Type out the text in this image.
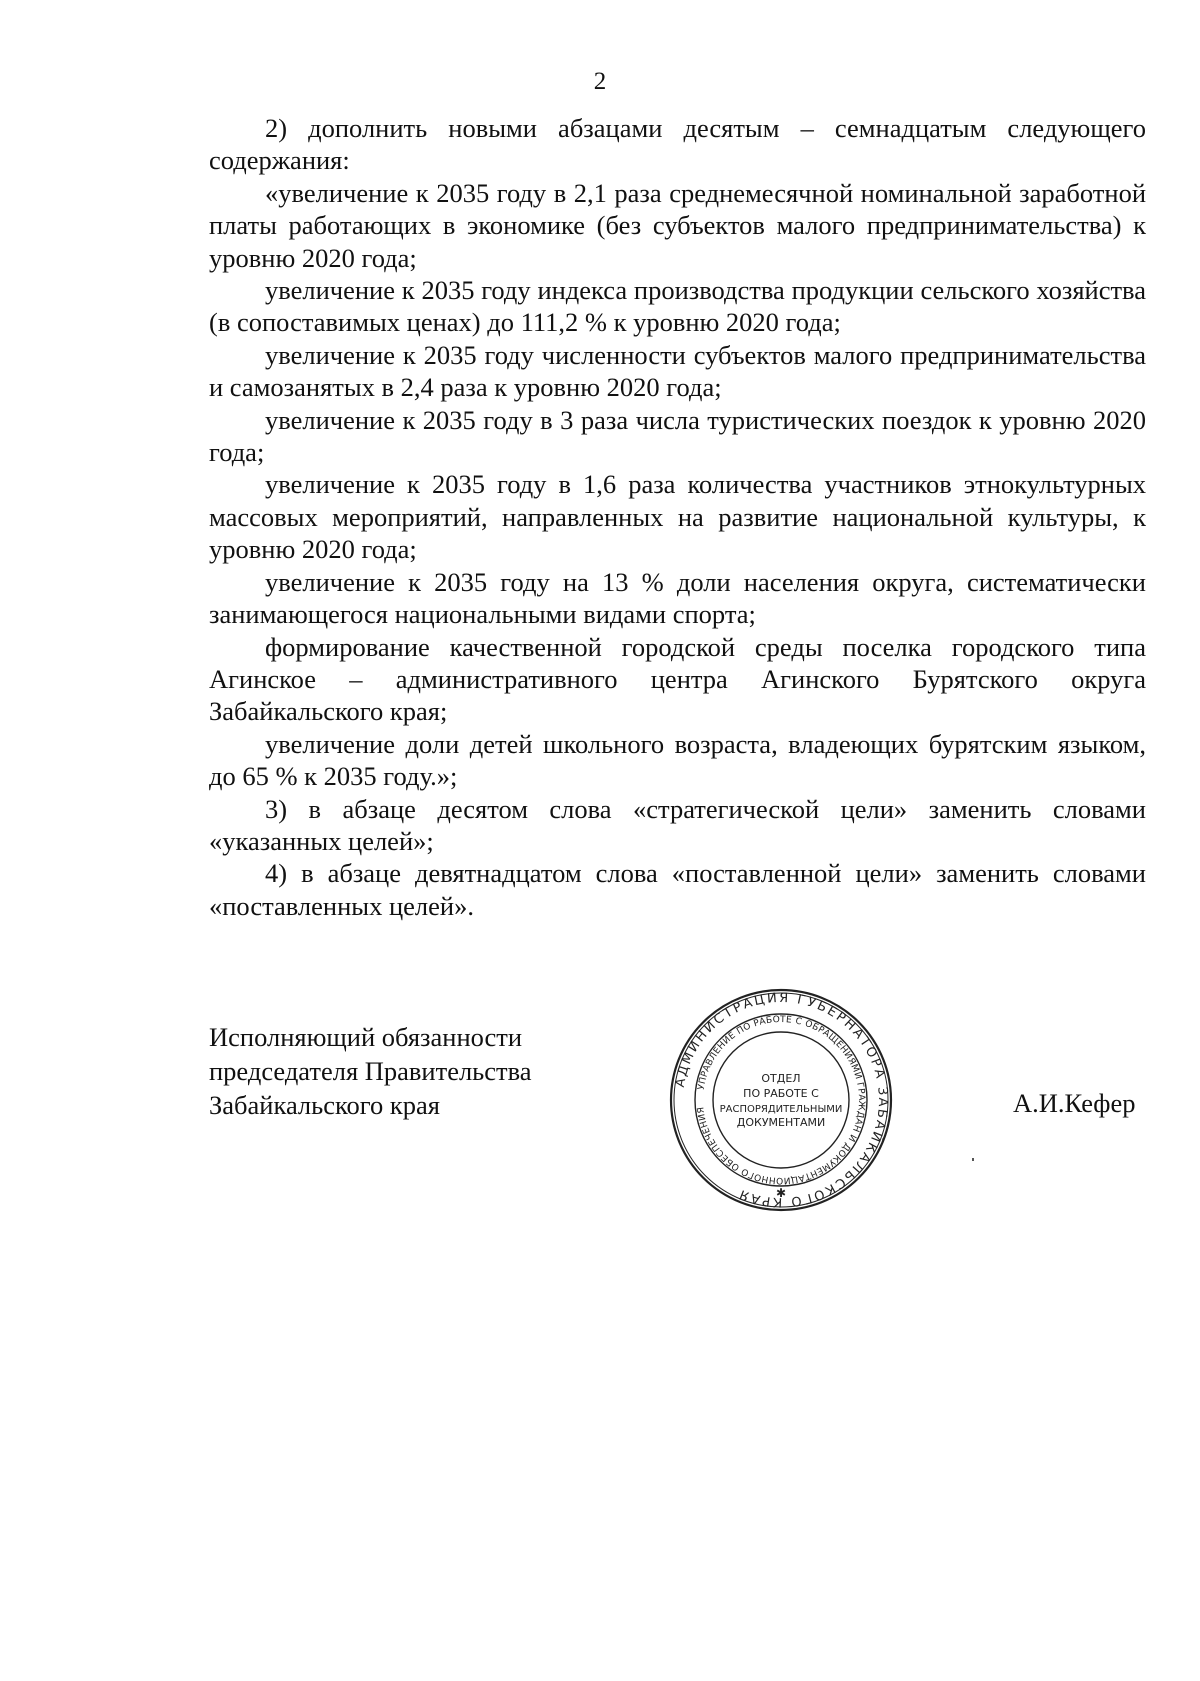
2

2) дополнить новыми абзацами десятым – семнадцатым следующего содержания:

«увеличение к 2035 году в 2,1 раза среднемесячной номинальной заработной платы работающих в экономике (без субъектов малого предпринимательства) к уровню 2020 года;

увеличение к 2035 году индекса производства продукции сельского хозяйства (в сопоставимых ценах) до 111,2 % к уровню 2020 года;

увеличение к 2035 году численности субъектов малого предпринимательства и самозанятых в 2,4 раза к уровню 2020 года;

увеличение к 2035 году в 3 раза числа туристических поездок к уровню 2020 года;

увеличение к 2035 году в 1,6 раза количества участников этнокультурных массовых мероприятий, направленных на развитие национальной культуры, к уровню 2020 года;

увеличение к 2035 году на 13 % доли населения округа, систематически занимающегося национальными видами спорта;

формирование качественной городской среды поселка городского типа Агинское – административного центра Агинского Бурятского округа Забайкальского края;

увеличение доли детей школьного возраста, владеющих бурятским языком, до 65 % к 2035 году.»;

3) в абзаце десятом слова «стратегической цели» заменить словами «указанных целей»;

4) в абзаце девятнадцатом слова «поставленной цели» заменить словами «поставленных целей».

Исполняющий обязанности
председателя Правительства
Забайкальского края	А.И.Кефер
АДМИНИСТРАЦИЯ ГУБЕРНАТОРА ЗАБАЙКАЛЬСКОГО КРАЯ
УПРАВЛЕНИЕ ПО РАБОТЕ С ОБРАЩЕНИЯМИ ГРАЖДАН И ДОКУМЕНТАЦИОННОГО ОБЕСПЕЧЕНИЯ
ОТДЕЛ
ПО РАБОТЕ С
РАСПОРЯДИТЕЛЬНЫМИ
ДОКУМЕНТАМИ
✱
